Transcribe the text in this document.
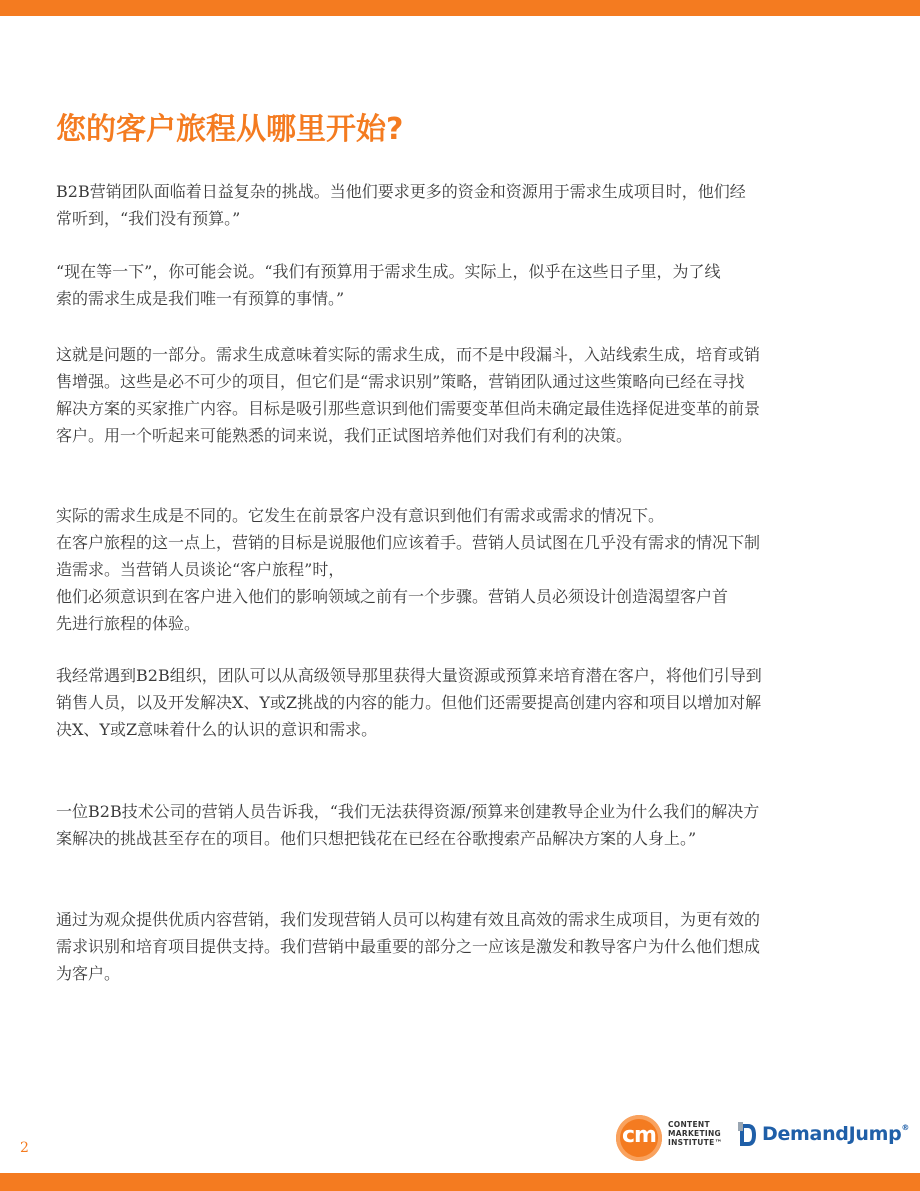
您的客户旅程从哪里开始?

B2B营销团队面临着日益复杂的挑战。当他们要求更多的资金和资源用于需求生成项目时，他们经
常听到，“我们没有预算。”

“现在等一下”，你可能会说。“我们有预算用于需求生成。实际上，似乎在这些日子里，为了线
索的需求生成是我们唯一有预算的事情。”

这就是问题的一部分。需求生成意味着实际的需求生成，而不是中段漏斗，入站线索生成，培育或销
售增强。这些是必不可少的项目，但它们是“需求识别”策略，营销团队通过这些策略向已经在寻找
解决方案的买家推广内容。目标是吸引那些意识到他们需要变革但尚未确定最佳选择促进变革的前景
客户。用一个听起来可能熟悉的词来说，我们正试图培养他们对我们有利的决策。

实际的需求生成是不同的。它发生在前景客户没有意识到他们有需求或需求的情况下。
在客户旅程的这一点上，营销的目标是说服他们应该着手。营销人员试图在几乎没有需求的情况下制
造需求。当营销人员谈论“客户旅程”时，
他们必须意识到在客户进入他们的影响领域之前有一个步骤。营销人员必须设计创造渴望客户首
先进行旅程的体验。

我经常遇到B2B组织，团队可以从高级领导那里获得大量资源或预算来培育潜在客户，将他们引导到
销售人员，以及开发解决X、Y或Z挑战的内容的能力。但他们还需要提高创建内容和项目以增加对解
决X、Y或Z意味着什么的认识的意识和需求。

一位B2B技术公司的营销人员告诉我，“我们无法获得资源/预算来创建教导企业为什么我们的解决方
案解决的挑战甚至存在的项目。他们只想把钱花在已经在谷歌搜索产品解决方案的人身上。”

通过为观众提供优质内容营销，我们发现营销人员可以构建有效且高效的需求生成项目，为更有效的
需求识别和培育项目提供支持。我们营销中最重要的部分之一应该是激发和教导客户为什么他们想成
为客户。

2	cm	CONTENT
MARKETING
INSTITUTE™ DemandJump®
